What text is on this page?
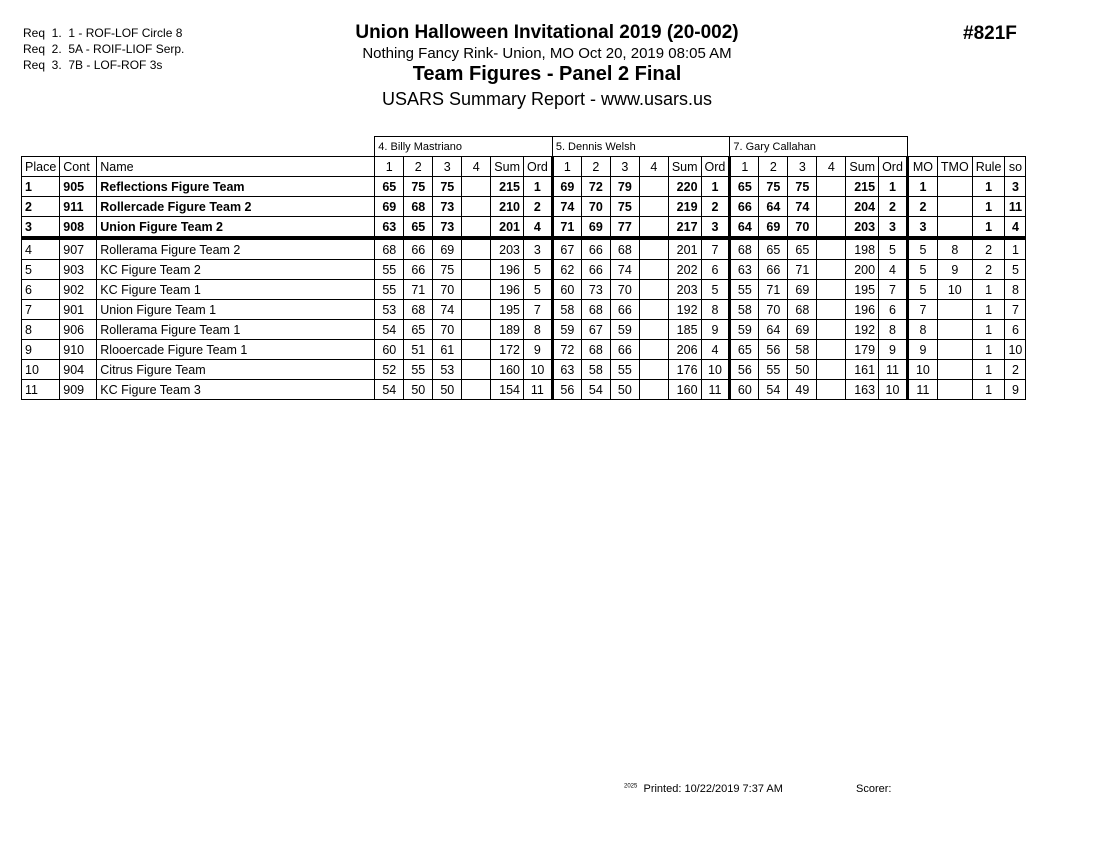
Req  1.  1 - ROF-LOF Circle 8
Req  2.  5A - ROIF-LIOF Serp.
Req  3.  7B - LOF-ROF 3s
Union Halloween Invitational 2019 (20-002)
Nothing Fancy Rink- Union, MO Oct 20, 2019 08:05 AM
Team Figures - Panel 2 Final
USARS Summary Report - www.usars.us
#821F
			4. Billy Mastriano						5. Dennis Welsh						7. Gary Callahan									
Place	Cont	Name	1	2	3	4	Sum	Ord	1	2	3	4	Sum	Ord	1	2	3	4	Sum	Ord	MO	TMO	Rule	so
1	905	Reflections Figure Team	65	75	75		215	1	69	72	79		220	1	65	75	75		215	1	1		1	3
2	911	Rollercade Figure Team 2	69	68	73		210	2	74	70	75		219	2	66	64	74		204	2	2		1	11
3	908	Union Figure Team 2	63	65	73		201	4	71	69	77		217	3	64	69	70		203	3	3		1	4
4	907	Rollerama Figure Team 2	68	66	69		203	3	67	66	68		201	7	68	65	65		198	5	5	8	2	1
5	903	KC Figure Team 2	55	66	75		196	5	62	66	74		202	6	63	66	71		200	4	5	9	2	5
6	902	KC Figure Team 1	55	71	70		196	5	60	73	70		203	5	55	71	69		195	7	5	10	1	8
7	901	Union Figure Team 1	53	68	74		195	7	58	68	66		192	8	58	70	68		196	6	7		1	7
8	906	Rollerama Figure Team 1	54	65	70		189	8	59	67	59		185	9	59	64	69		192	8	8		1	6
9	910	Rlooercade Figure Team 1	60	51	61		172	9	72	68	66		206	4	65	56	58		179	9	9		1	10
10	904	Citrus Figure Team	52	55	53		160	10	63	58	55		176	10	56	55	50		161	11	10		1	2
11	909	KC Figure Team 3	54	50	50		154	11	56	54	50		160	11	60	54	49		163	10	11		1	9
$^{2025}$ Printed: 10/22/2019 7:37 AM	Scorer:
